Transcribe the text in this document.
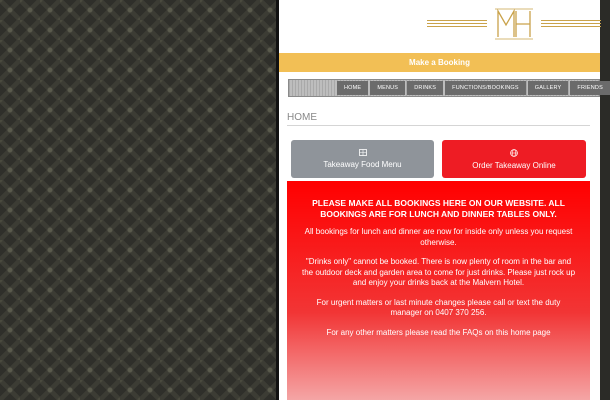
Make a Booking
HOME	MENUS	DRINKS	FUNCTIONS/BOOKINGS	GALLERY	FRIENDS
HOME
Takeaway Food Menu	Order Takeaway Online
PLEASE MAKE ALL BOOKINGS HERE ON OUR WEBSITE. ALL BOOKINGS ARE FOR LUNCH AND DINNER TABLES ONLY.

All bookings for lunch and dinner are now for inside only unless you request otherwise.

"Drinks only" cannot be booked. There is now plenty of room in the bar and the outdoor deck and garden area to come for just drinks. Please just rock up and enjoy your drinks back at the Malvern Hotel.

For urgent matters or last minute changes please call or text the duty manager on 0407 370 256.

For any other matters please read the FAQs on this home page
